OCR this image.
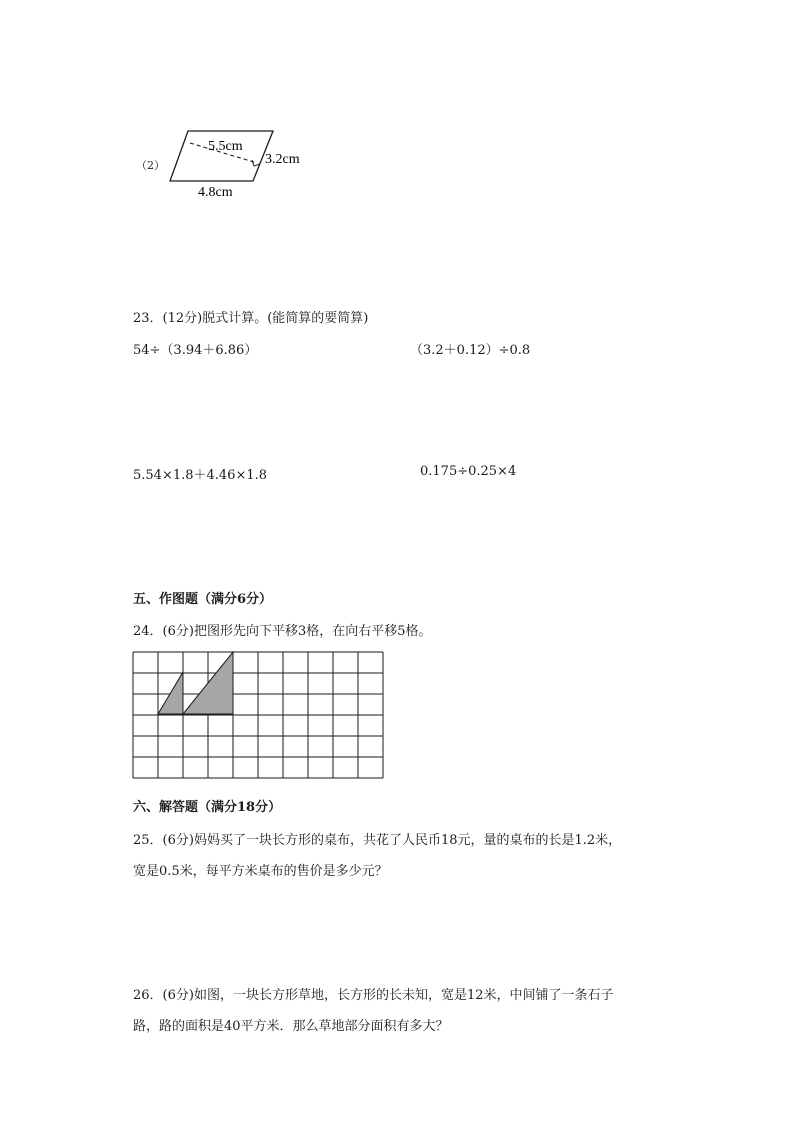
（2）
5.5cm
3.2cm
4.8cm
23．(12分)脱式计算。(能简算的要简算)
54÷（3.94＋6.86）	（3.2＋0.12）÷0.8
5.54×1.8＋4.46×1.8	0.175÷0.25×4
五、作图题（满分6分）
24．(6分)把图形先向下平移3格，在向右平移5格。
六、解答题（满分18分）
25．(6分)妈妈买了一块长方形的桌布，共花了人民币18元，量的桌布的长是1.2米，
宽是0.5米，每平方米桌布的售价是多少元？
26．(6分)如图，一块长方形草地，长方形的长未知，宽是12米，中间铺了一条石子
路，路的面积是40平方米．那么草地部分面积有多大？
